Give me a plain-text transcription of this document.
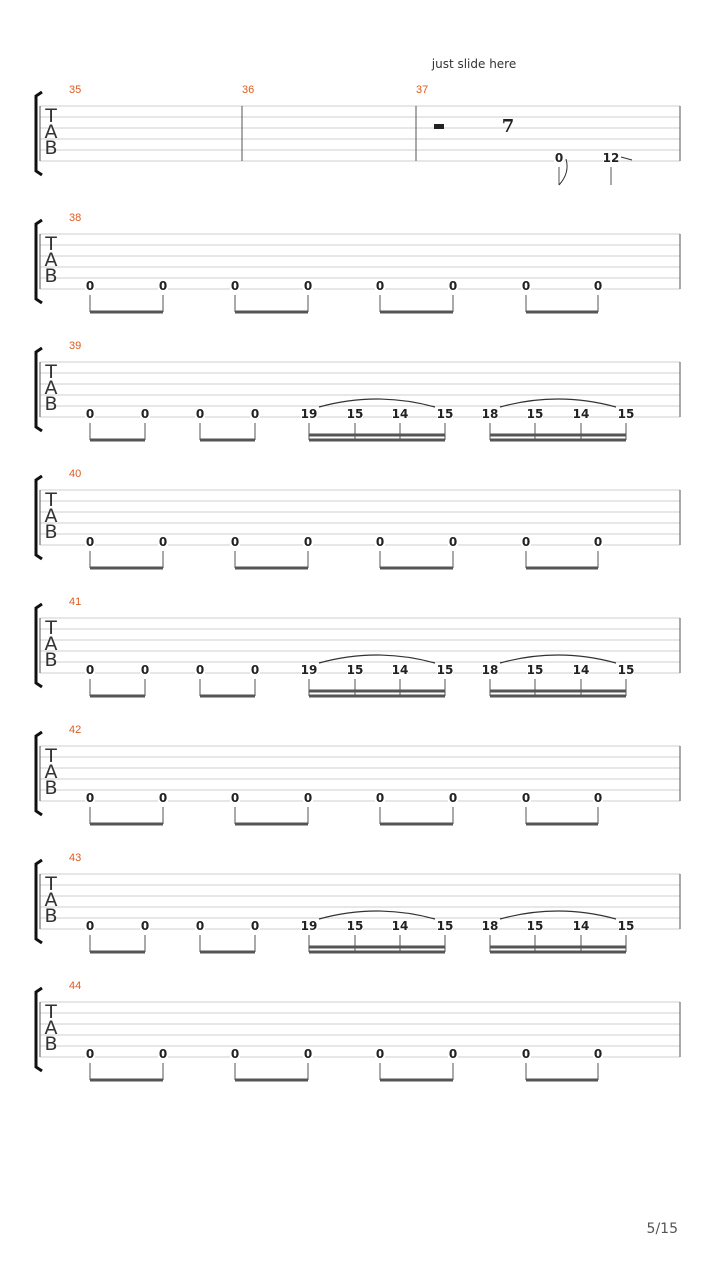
just slide here
T
A
B
35	36	37
7
0	12
T
A
B
38
0	0	0	0	0	0	0	0
T
A
B
39
0	0	0	0	19 15 14 15 18 15 14 15
T
A
B
40
0	0	0	0	0	0	0	0
T
A
B
41
0	0	0	0	19 15 14 15 18 15 14 15
T
A
B
42
0	0	0	0	0	0	0	0
T
A
B
43
0	0	0	0	19 15 14 15 18 15 14 15
T
A
B
44
0	0	0	0	0	0	0	0
5/15
